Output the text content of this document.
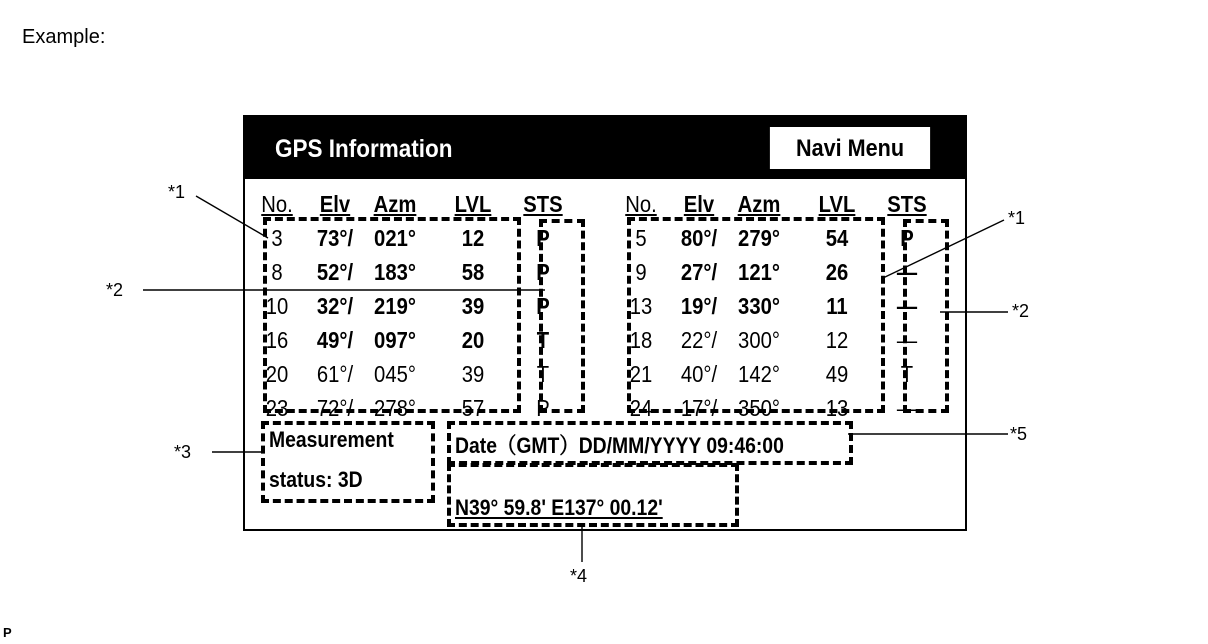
Example:
GPS Information	Navi Menu
No.	Elv	Azm	LVL	STS
3	73°/ 021°	12	P
8	52°/ 183°	58	P
10	32°/ 219°	39	P
16	49°/ 097°	20	T
20	61°/ 045°	39	T
23	72°/ 278°	57	P
No.	Elv	Azm	LVL	STS
5	80°/ 279°	54	P
9	27°/ 121°	26	—
13	19°/ 330°	11	—
18	22°/ 300°	12	—
21	40°/ 142°	49	T
24	17°/ 350°	13	—
Measurement
status: 3D
Date（GMT）DD/MM/YYYY 09:46:00
N39° 59.8' E137° 00.12'
*1
*1
*2
*2
*3
*4
*5
P
